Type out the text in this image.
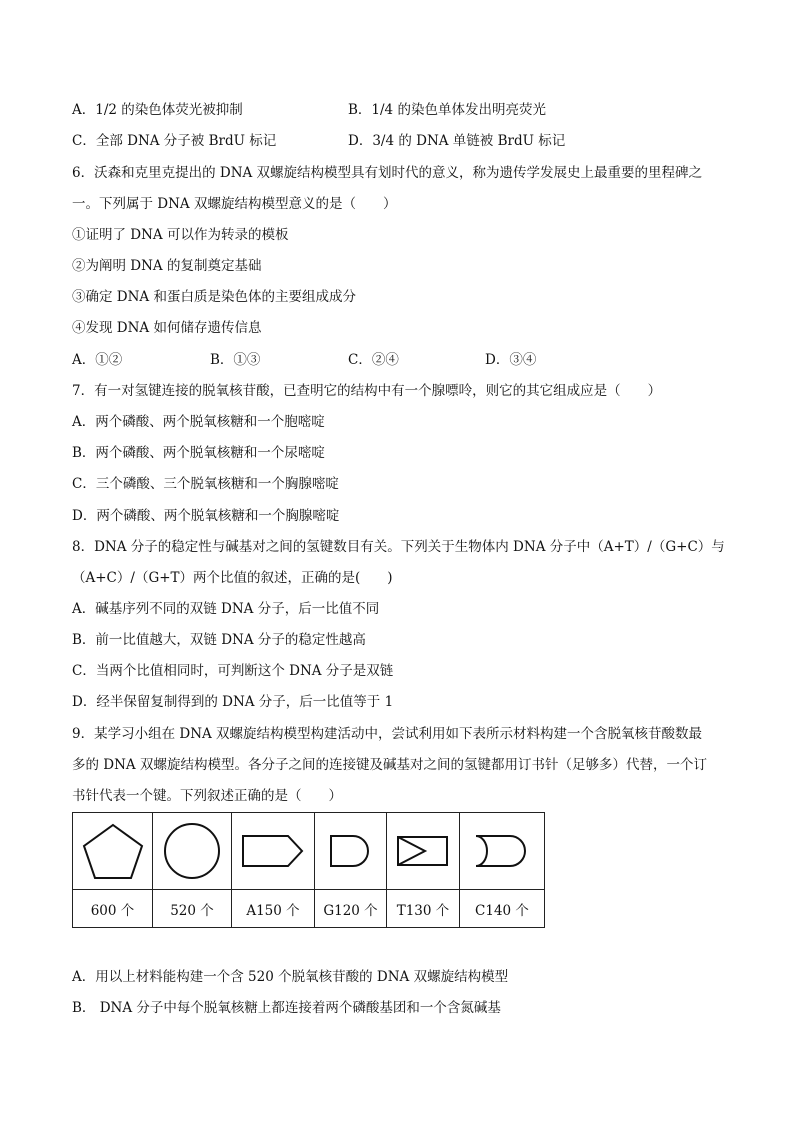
A．1/2 的染色体荧光被抑制	B．1/4 的染色单体发出明亮荧光
C．全部 DNA 分子被 BrdU 标记	D．3/4 的 DNA 单链被 BrdU 标记
6．沃森和克里克提出的 DNA 双螺旋结构模型具有划时代的意义，称为遗传学发展史上最重要的里程碑之
一。下列属于 DNA 双螺旋结构模型意义的是（　　）
①证明了 DNA 可以作为转录的模板
②为阐明 DNA 的复制奠定基础
③确定 DNA 和蛋白质是染色体的主要组成成分
④发现 DNA 如何储存遗传信息
A．①②	B．①③	C．②④	D．③④
7．有一对氢键连接的脱氧核苷酸，已查明它的结构中有一个腺嘌呤，则它的其它组成应是（　　）
A．两个磷酸、两个脱氧核糖和一个胞嘧啶
B．两个磷酸、两个脱氧核糖和一个尿嘧啶
C．三个磷酸、三个脱氧核糖和一个胸腺嘧啶
D．两个磷酸、两个脱氧核糖和一个胸腺嘧啶
8．DNA 分子的稳定性与碱基对之间的氢键数目有关。下列关于生物体内 DNA 分子中（A+T）/（G+C）与
（A+C）/（G+T）两个比值的叙述，正确的是(　　)
A．碱基序列不同的双链 DNA 分子，后一比值不同
B．前一比值越大，双链 DNA 分子的稳定性越高
C．当两个比值相同时，可判断这个 DNA 分子是双链
D．经半保留复制得到的 DNA 分子，后一比值等于 1
9．某学习小组在 DNA 双螺旋结构模型构建活动中，尝试利用如下表所示材料构建一个含脱氧核苷酸数最
多的 DNA 双螺旋结构模型。各分子之间的连接键及碱基对之间的氢键都用订书针（足够多）代替，一个订
书针代表一个键。下列叙述正确的是（　　）

600 个	520 个	A150 个	G120 个	T130 个	C140 个
A．用以上材料能构建一个含 520 个脱氧核苷酸的 DNA 双螺旋结构模型
B． DNA 分子中每个脱氧核糖上都连接着两个磷酸基团和一个含氮碱基
